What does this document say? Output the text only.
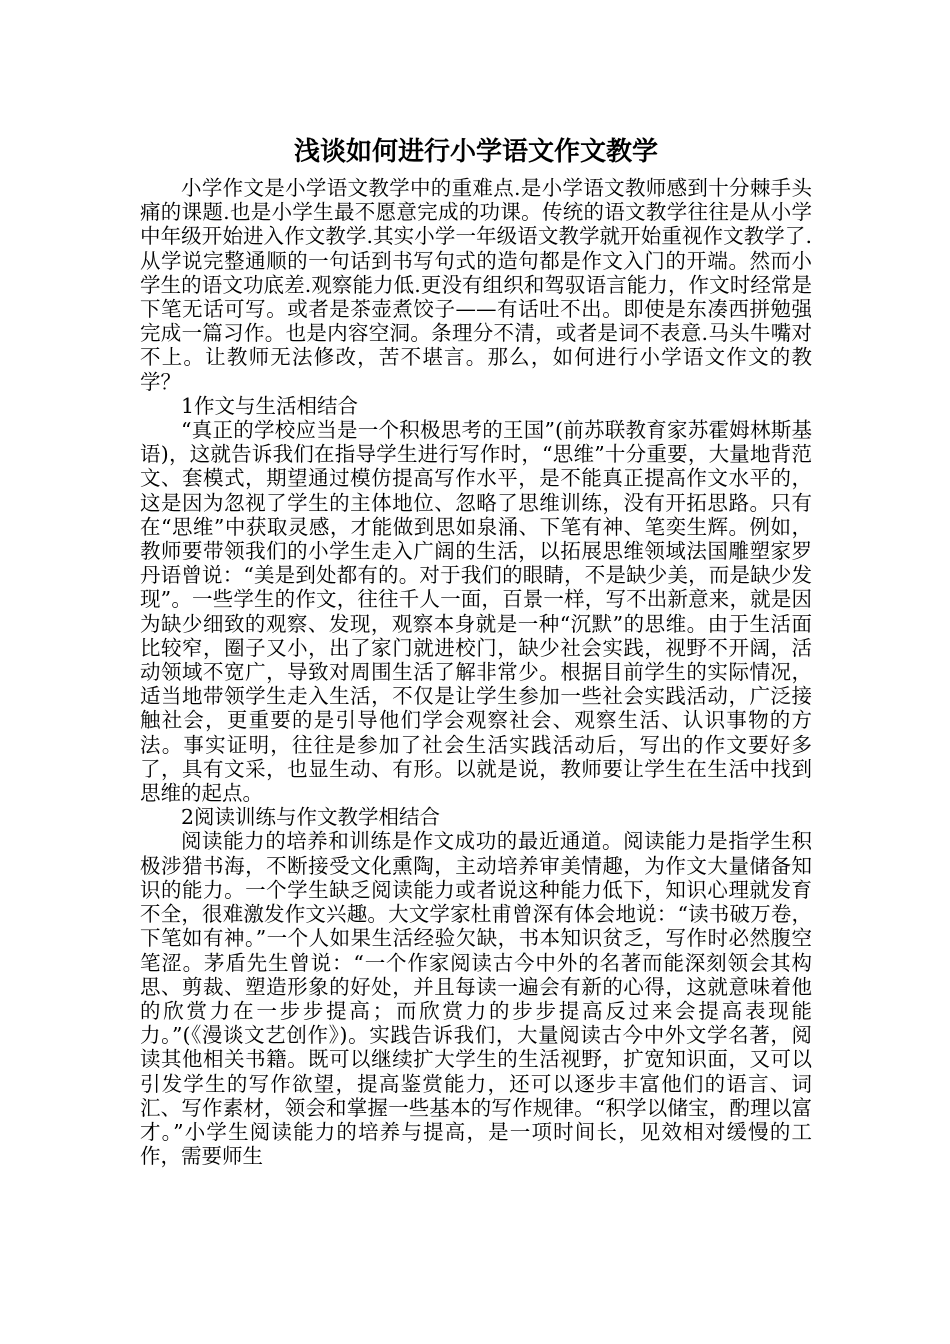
浅谈如何进行小学语文作文教学

小学作文是小学语文教学中的重难点.是小学语文教师感到十分棘手头痛的课题.也是小学生最不愿意完成的功课。传统的语文教学往往是从小学中年级开始进入作文教学.其实小学一年级语文教学就开始重视作文教学了.从学说完整通顺的一句话到书写句式的造句都是作文入门的开端。然而小学生的语文功底差.观察能力低.更没有组织和驾驭语言能力，作文时经常是下笔无话可写。或者是茶壶煮饺子——有话吐不出。即使是东凑西拼勉强完成一篇习作。也是内容空洞。条理分不清，或者是词不表意.马头牛嘴对不上。让教师无法修改，苦不堪言。那么，如何进行小学语文作文的教学？

1作文与生活相结合

“真正的学校应当是一个积极思考的王国”(前苏联教育家苏霍姆林斯基语)，这就告诉我们在指导学生进行写作时，“思维”十分重要，大量地背范文、套模式，期望通过模仿提高写作水平，是不能真正提高作文水平的，这是因为忽视了学生的主体地位、忽略了思维训练，没有开拓思路。只有在“思维”中获取灵感，才能做到思如泉涌、下笔有神、笔奕生辉。例如，教师要带领我们的小学生走入广阔的生活，以拓展思维领域法国雕塑家罗丹语曾说：“美是到处都有的。对于我们的眼睛，不是缺少美，而是缺少发现”。一些学生的作文，往往千人一面，百景一样，写不出新意来，就是因为缺少细致的观察、发现，观察本身就是一种“沉默”的思维。由于生活面比较窄，圈子又小，出了家门就进校门，缺少社会实践，视野不开阔，活动领域不宽广，导致对周围生活了解非常少。根据目前学生的实际情况，适当地带领学生走入生活，不仅是让学生参加一些社会实践活动，广泛接触社会，更重要的是引导他们学会观察社会、观察生活、认识事物的方法。事实证明，往往是参加了社会生活实践活动后，写出的作文要好多了，具有文采，也显生动、有形。以就是说，教师要让学生在生活中找到思维的起点。

2阅读训练与作文教学相结合

阅读能力的培养和训练是作文成功的最近通道。阅读能力是指学生积极涉猎书海，不断接受文化熏陶，主动培养审美情趣，为作文大量储备知识的能力。一个学生缺乏阅读能力或者说这种能力低下，知识心理就发育不全，很难激发作文兴趣。大文学家杜甫曾深有体会地说：“读书破万卷，下笔如有神。”一个人如果生活经验欠缺，书本知识贫乏，写作时必然腹空笔涩。茅盾先生曾说：“一个作家阅读古今中外的名著而能深刻领会其构思、剪裁、塑造形象的好处，并且每读一遍会有新的心得，这就意味着他的欣赏力在一步步提高；而欣赏力的步步提高反过来会提高表现能力。”(《漫谈文艺创作》)。实践告诉我们，大量阅读古今中外文学名著，阅读其他相关书籍。既可以继续扩大学生的生活视野，扩宽知识面，又可以引发学生的写作欲望，提高鉴赏能力，还可以逐步丰富他们的语言、词汇、写作素材，领会和掌握一些基本的写作规律。“积学以储宝，酌理以富才。”小学生阅读能力的培养与提高，是一项时间长，见效相对缓慢的工作，需要师生
